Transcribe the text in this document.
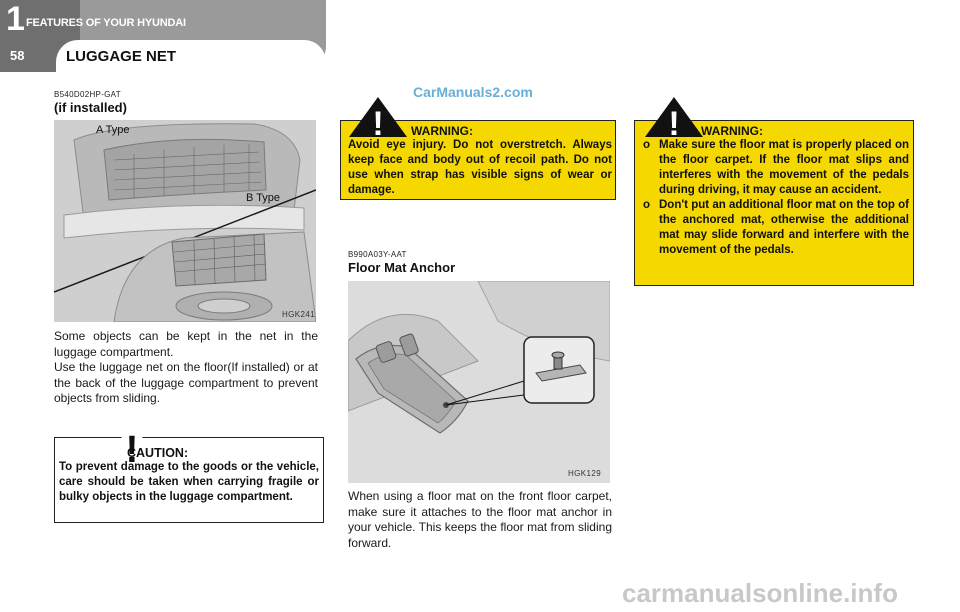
1 FEATURES OF YOUR HYUNDAI
58	LUGGAGE NET
CarManuals2.com
B540D02HP-GAT
(if installed)
A Type
B Type
HGK241
Some objects can be kept in the net in the luggage compartment.
Use the luggage net on the floor(If installed) or at the back of the luggage compartment to prevent objects from sliding.
!
CAUTION:
To prevent damage to the goods or the vehicle, care should be taken when carrying fragile or bulky objects in the luggage compartment.
! WARNING:
Avoid eye injury. Do not overstretch. Always keep face and body out of recoil path. Do not use when strap has visible signs of wear or damage.
B990A03Y-AAT
Floor Mat Anchor
HGK129
When using a floor mat on the front floor carpet, make sure it attaches to the floor mat anchor in your vehicle. This keeps the floor mat from sliding forward.
! WARNING:
o Make sure the floor mat is properly placed on the floor carpet. If the floor mat slips and interferes with the movement of the pedals during driving, it may cause an accident.
o Don't put an additional floor mat on the top of the anchored mat, otherwise the additional mat may slide forward and interfere with the movement of the pedals.
carmanualsonline.info
